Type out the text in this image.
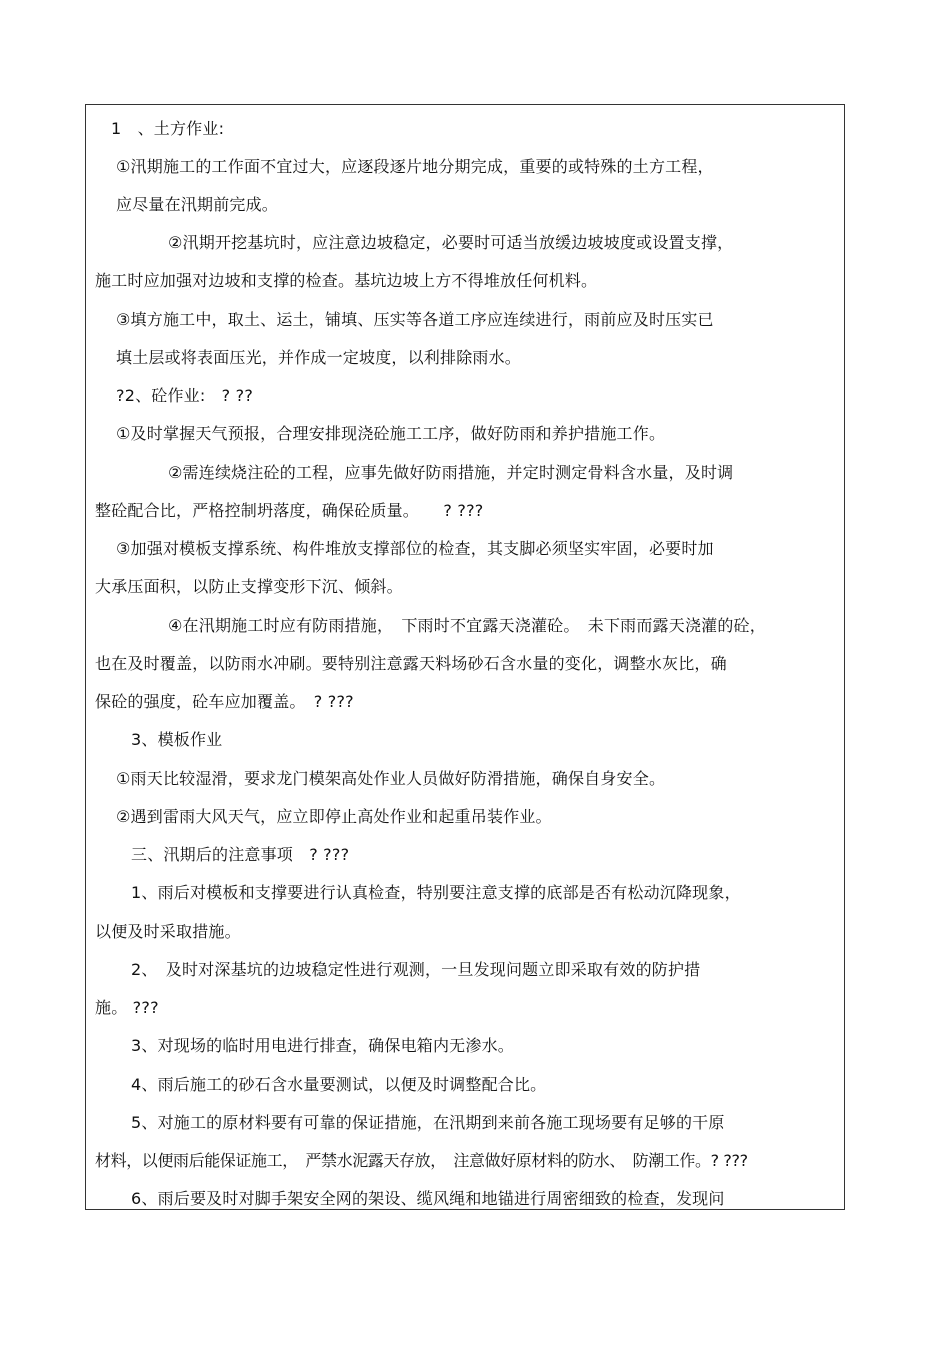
1　、土方作业:
①汛期施工的工作面不宜过大，应逐段逐片地分期完成，重要的或特殊的土方工程，
应尽量在汛期前完成。
②汛期开挖基坑时，应注意边坡稳定，必要时可适当放缓边坡坡度或设置支撑，
施工时应加强对边坡和支撑的检查。基坑边坡上方不得堆放任何机料。
③填方施工中，取土、运土，铺填、压实等各道工序应连续进行，雨前应及时压实已
填土层或将表面压光，并作成一定坡度，以利排除雨水。
?2、砼作业:　? ??
①及时掌握天气预报，合理安排现浇砼施工工序，做好防雨和养护措施工作。
②需连续烧注砼的工程，应事先做好防雨措施，并定时测定骨料含水量，及时调
整砼配合比，严格控制坍落度，确保砼质量。　　? ???
③加强对模板支撑系统、构件堆放支撑部位的检查，其支脚必须坚实牢固，必要时加
大承压面积，以防止支撑变形下沉、倾斜。
④在汛期施工时应有防雨措施，　下雨时不宜露天浇灌砼。　未下雨而露天浇灌的砼，
也在及时覆盖，以防雨水冲刷。要特别注意露天料场砂石含水量的变化，调整水灰比，确
保砼的强度，砼车应加覆盖。　? ???
3、模板作业
①雨天比较湿滑，要求龙门模架高处作业人员做好防滑措施，确保自身安全。
②遇到雷雨大风天气，应立即停止高处作业和起重吊装作业。
三、汛期后的注意事项　? ???
1、雨后对模板和支撑要进行认真检查，特别要注意支撑的底部是否有松动沉降现象，
以便及时采取措施。
2、　及时对深基坑的边坡稳定性进行观测，一旦发现问题立即采取有效的防护措
施。 ???
3、对现场的临时用电进行排查，确保电箱内无渗水。
4、雨后施工的砂石含水量要测试，以便及时调整配合比。
5、对施工的原材料要有可靠的保证措施，在汛期到来前各施工现场要有足够的干原
材料，以便雨后能保证施工，　严禁水泥露天存放，　注意做好原材料的防水、　防潮工作。? ???
6、雨后要及时对脚手架安全网的架设、缆风绳和地锚进行周密细致的检查，发现问
